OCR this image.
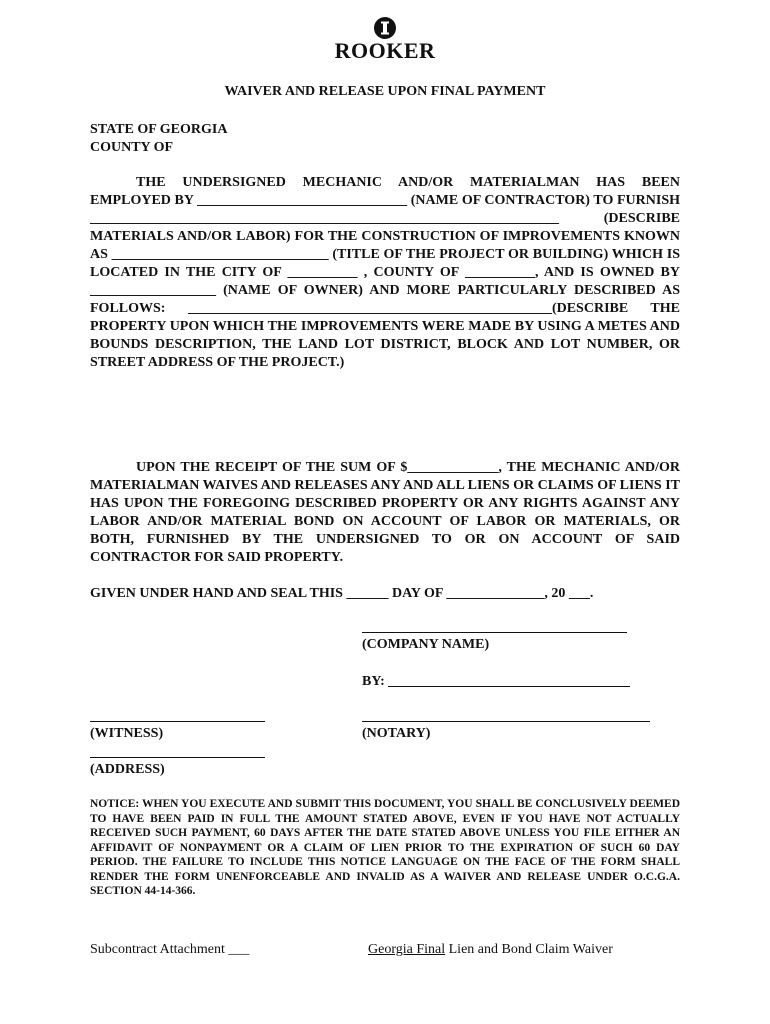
ROOKER
WAIVER AND RELEASE UPON FINAL PAYMENT
STATE OF GEORGIA
COUNTY OF
THE UNDERSIGNED MECHANIC AND/OR MATERIALMAN HAS BEEN EMPLOYED BY ______________________________ (NAME OF CONTRACTOR) TO FURNISH ___________________________________________________________________ (DESCRIBE MATERIALS AND/OR LABOR) FOR THE CONSTRUCTION OF IMPROVEMENTS KNOWN AS _______________________________ (TITLE OF THE PROJECT OR BUILDING) WHICH IS LOCATED IN THE CITY OF __________ , COUNTY OF __________, AND IS OWNED BY __________________ (NAME OF OWNER) AND MORE PARTICULARLY DESCRIBED AS FOLLOWS: ____________________________________________________(DESCRIBE THE PROPERTY UPON WHICH THE IMPROVEMENTS WERE MADE BY USING A METES AND BOUNDS DESCRIPTION, THE LAND LOT DISTRICT, BLOCK AND LOT NUMBER, OR STREET ADDRESS OF THE PROJECT.)
UPON THE RECEIPT OF THE SUM OF $_____________, THE MECHANIC AND/OR MATERIALMAN WAIVES AND RELEASES ANY AND ALL LIENS OR CLAIMS OF LIENS IT HAS UPON THE FOREGOING DESCRIBED PROPERTY OR ANY RIGHTS AGAINST ANY LABOR AND/OR MATERIAL BOND ON ACCOUNT OF LABOR OR MATERIALS, OR BOTH, FURNISHED BY THE UNDERSIGNED TO OR ON ACCOUNT OF SAID CONTRACTOR FOR SAID PROPERTY.
GIVEN UNDER HAND AND SEAL THIS ______ DAY OF ______________, 20 ___.
(COMPANY NAME)
BY:
(WITNESS)	(NOTARY)
(ADDRESS)
NOTICE: WHEN YOU EXECUTE AND SUBMIT THIS DOCUMENT, YOU SHALL BE CONCLUSIVELY DEEMED TO HAVE BEEN PAID IN FULL THE AMOUNT STATED ABOVE, EVEN IF YOU HAVE NOT ACTUALLY RECEIVED SUCH PAYMENT, 60 DAYS AFTER THE DATE STATED ABOVE UNLESS YOU FILE EITHER AN AFFIDAVIT OF NONPAYMENT OR A CLAIM OF LIEN PRIOR TO THE EXPIRATION OF SUCH 60 DAY PERIOD. THE FAILURE TO INCLUDE THIS NOTICE LANGUAGE ON THE FACE OF THE FORM SHALL RENDER THE FORM UNENFORCEABLE AND INVALID AS A WAIVER AND RELEASE UNDER O.C.G.A. SECTION 44-14-366.
Subcontract Attachment ___	Georgia Final Lien and Bond Claim Waiver
